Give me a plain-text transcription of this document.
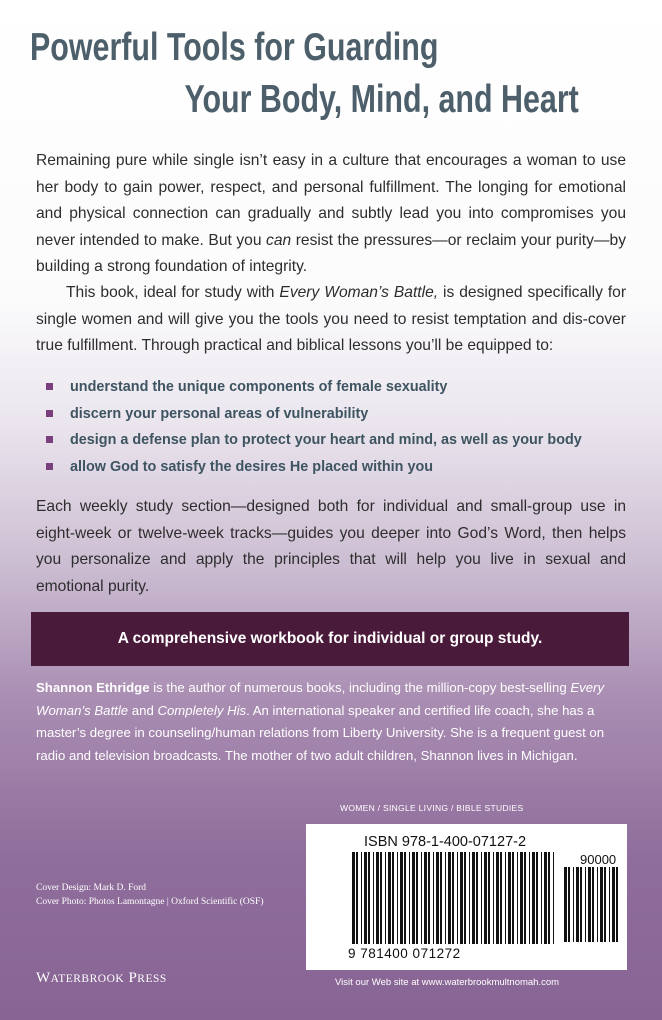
Powerful Tools for Guarding
Your Body, Mind, and Heart

Remaining pure while single isn’t easy in a culture that encourages a woman to use her body to gain power, respect, and personal fulfillment. The longing for emotional and physical connection can gradually and subtly lead you into compromises you never intended to make. But you can resist the pressures—or reclaim your purity—by building a strong foundation of integrity.

This book, ideal for study with Every Woman’s Battle, is designed specifically for single women and will give you the tools you need to resist temptation and dis-cover true fulfillment. Through practical and biblical lessons you’ll be equipped to:

understand the unique components of female sexuality
discern your personal areas of vulnerability
design a defense plan to protect your heart and mind, as well as your body
allow God to satisfy the desires He placed within you

Each weekly study section—designed both for individual and small-group use in eight-week or twelve-week tracks—guides you deeper into God’s Word, then helps you personalize and apply the principles that will help you live in sexual and emotional purity.

A comprehensive workbook for individual or group study.

Shannon Ethridge is the author of numerous books, including the million-copy best-selling Every Woman’s Battle and Completely His. An international speaker and certified life coach, she has a master’s degree in counseling/human relations from Liberty University. She is a frequent guest on radio and television broadcasts. The mother of two adult children, Shannon lives in Michigan.

WOMEN / SINGLE LIVING / BIBLE STUDIES
ISBN 978-1-400-07127-2
90000
9 781400 071272

Cover Design: Mark D. Ford
Cover Photo: Photos Lamontagne | Oxford Scientific (OSF)

WATERBROOK PRESS	Visit our Web site at www.waterbrookmultnomah.com
